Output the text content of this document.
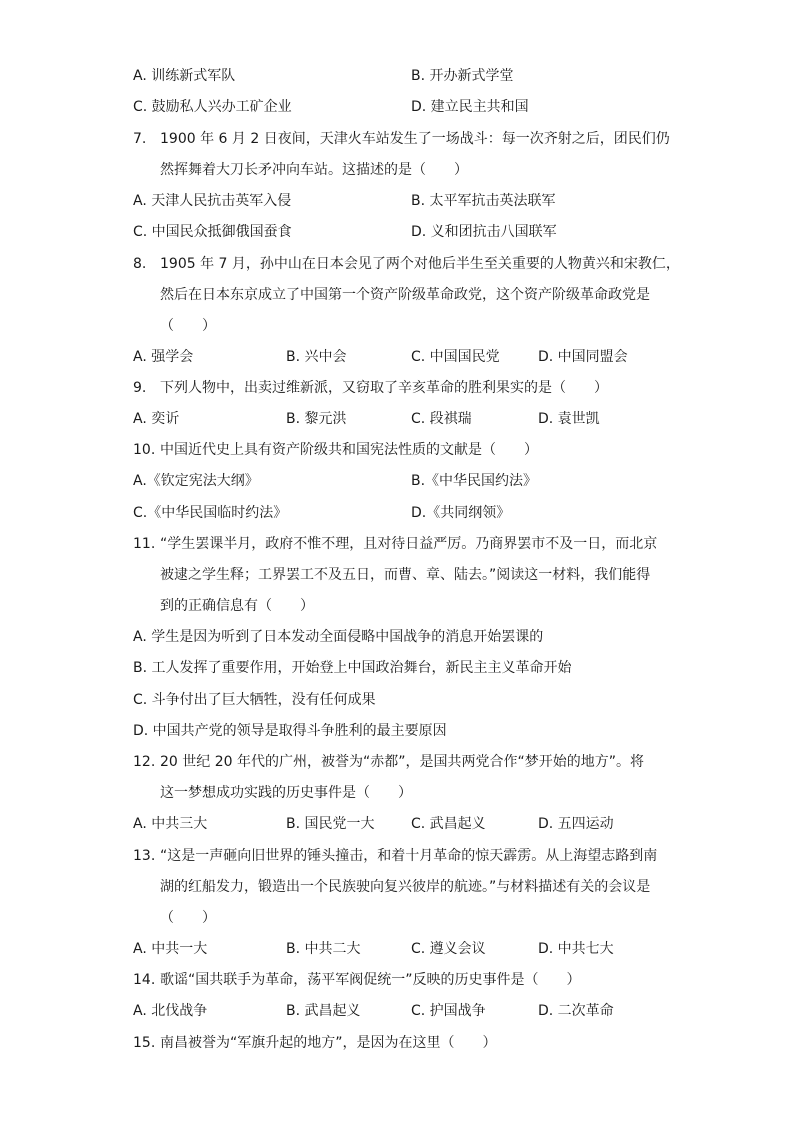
A. 训练新式军队	B. 开办新式学堂
C. 鼓励私人兴办工矿企业	D. 建立民主共和国
7. 1900 年 6 月 2 日夜间，天津火车站发生了一场战斗：每一次齐射之后，团民们仍
然挥舞着大刀长矛冲向车站。这描述的是（　　）
A. 天津人民抗击英军入侵	B. 太平军抗击英法联军
C. 中国民众抵御俄国蚕食	D. 义和团抗击八国联军
8. 1905 年 7 月，孙中山在日本会见了两个对他后半生至关重要的人物黄兴和宋教仁，
然后在日本东京成立了中国第一个资产阶级革命政党，这个资产阶级革命政党是
（　　）
A. 强学会	B. 兴中会	C. 中国国民党	D. 中国同盟会
9. 下列人物中，出卖过维新派，又窃取了辛亥革命的胜利果实的是（　　）
A. 奕䜣	B. 黎元洪	C. 段祺瑞	D. 袁世凯
10. 中国近代史上具有资产阶级共和国宪法性质的文献是（　　）
A.《钦定宪法大纲》	B.《中华民国约法》
C.《中华民国临时约法》	D.《共同纲领》
11. “学生罢课半月，政府不惟不理，且对待日益严厉。乃商界罢市不及一日，而北京
被逮之学生释；工界罢工不及五日，而曹、章、陆去。”阅读这一材料，我们能得
到的正确信息有（　　）
A. 学生是因为听到了日本发动全面侵略中国战争的消息开始罢课的
B. 工人发挥了重要作用，开始登上中国政治舞台，新民主主义革命开始
C. 斗争付出了巨大牺牲，没有任何成果
D. 中国共产党的领导是取得斗争胜利的最主要原因
12. 20 世纪 20 年代的广州，被誉为“赤都”，是国共两党合作“梦开始的地方”。将
这一梦想成功实践的历史事件是（　　）
A. 中共三大	B. 国民党一大	C. 武昌起义	D. 五四运动
13. “这是一声砸向旧世界的锤头撞击，和着十月革命的惊天霹雳。从上海望志路到南
湖的红船发力，锻造出一个民族驶向复兴彼岸的航迹。”与材料描述有关的会议是
（　　）
A. 中共一大	B. 中共二大	C. 遵义会议	D. 中共七大
14. 歌谣“国共联手为革命，荡平军阀促统一”反映的历史事件是（　　）
A. 北伐战争	B. 武昌起义	C. 护国战争	D. 二次革命
15. 南昌被誉为“军旗升起的地方”，是因为在这里（　　）
